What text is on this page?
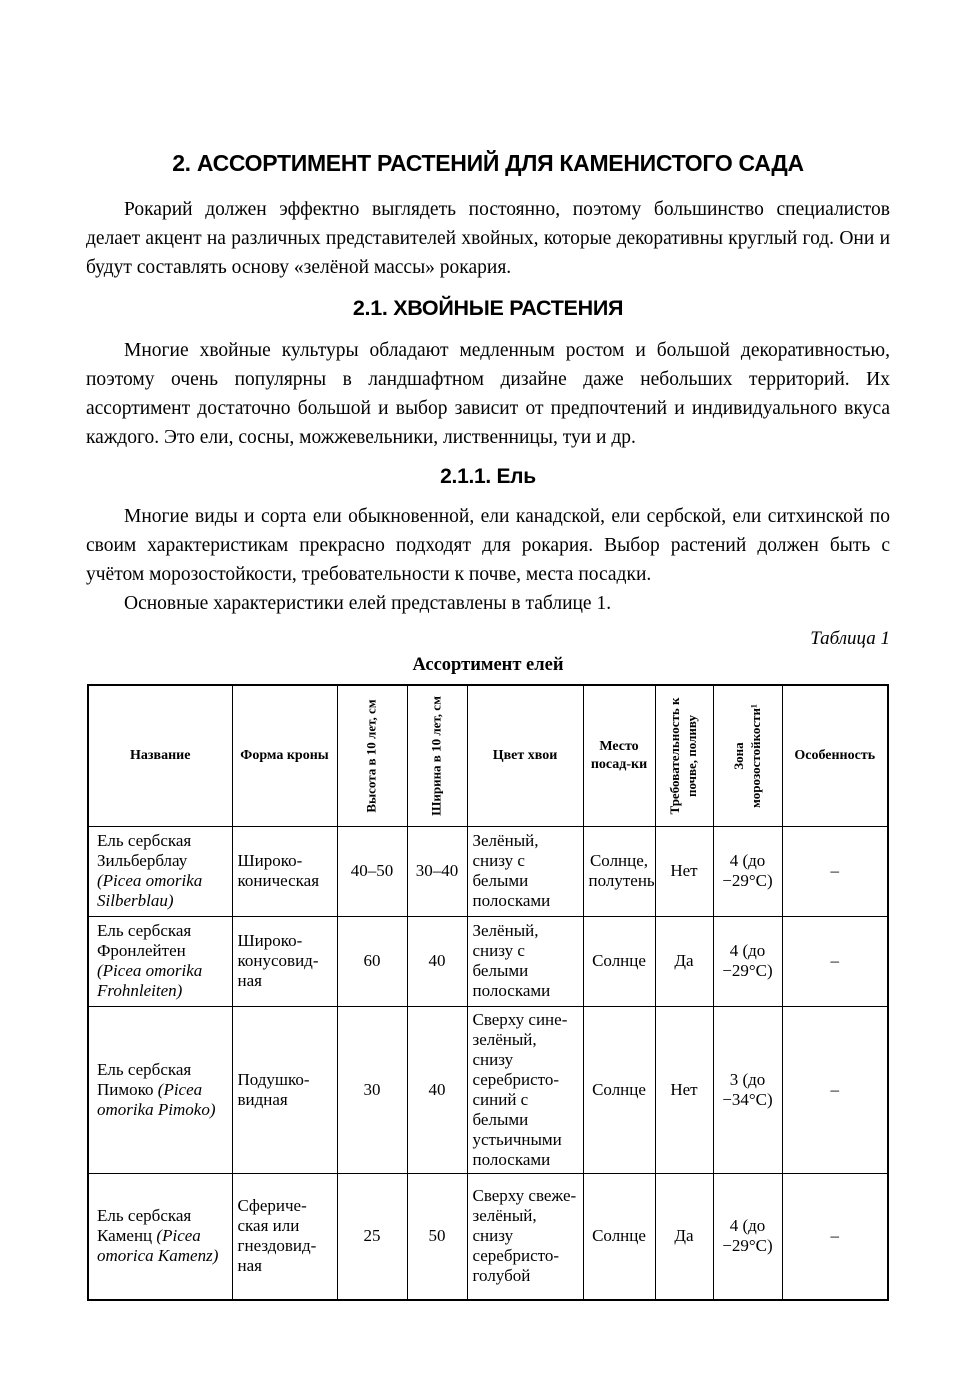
2. АССОРТИМЕНТ РАСТЕНИЙ ДЛЯ КАМЕНИСТОГО САДА

Рокарий должен эффектно выглядеть постоянно, поэтому большинство специалистов делает акцент на различных представителей хвойных, которые декоративны круглый год. Они и будут составлять основу «зелёной массы» рокария.

2.1. ХВОЙНЫЕ РАСТЕНИЯ

Многие хвойные культуры обладают медленным ростом и большой декоративностью, поэтому очень популярны в ландшафтном дизайне даже небольших территорий. Их ассортимент достаточно большой и выбор зависит от предпочтений и индивидуального вкуса каждого. Это ели, сосны, можжевельники, лиственницы, туи и др.

2.1.1. Ель

Многие виды и сорта ели обыкновенной, ели канадской, ели сербской, ели ситхинской по своим характеристикам прекрасно подходят для рокария. Выбор растений должен быть с учётом морозостойкости, требовательности к почве, места посадки.

Основные характеристики елей представлены в таблице 1.

Таблица 1
Ассортимент елей
Название	Форма кроны	Высота в 10 лет, см	Ширина в 10 лет, см	Цвет хвои	Место посад-ки	Требовательность к почве, поливу	Зона морозостойкости¹	Особенность
Ель сербская Зильберблау (Picea omorika Silberblau)	Широко-коническая	40–50	30–40	Зелёный, снизу с белыми полосками	Солнце, полутень	Нет	4 (до −29°C)	–
Ель сербская Фронлейтен (Picea omorika Frohnleiten)	Широко-конусовид-ная	60	40	Зелёный, снизу с белыми полосками	Солнце	Да	4 (до −29°C)	–
Ель сербская Пимоко (Picea omorika Pimoko)	Подушко-видная	30	40	Сверху сине-зелёный, снизу серебристо-синий с белыми устьичными полосками	Солнце	Нет	3 (до −34°C)	–
Ель сербская Каменц (Picea omorica Kamenz)	Сфериче-ская или гнездовид-ная	25	50	Сверху свеже-зелёный, снизу серебристо-голубой	Солнце	Да	4 (до −29°C)	–
